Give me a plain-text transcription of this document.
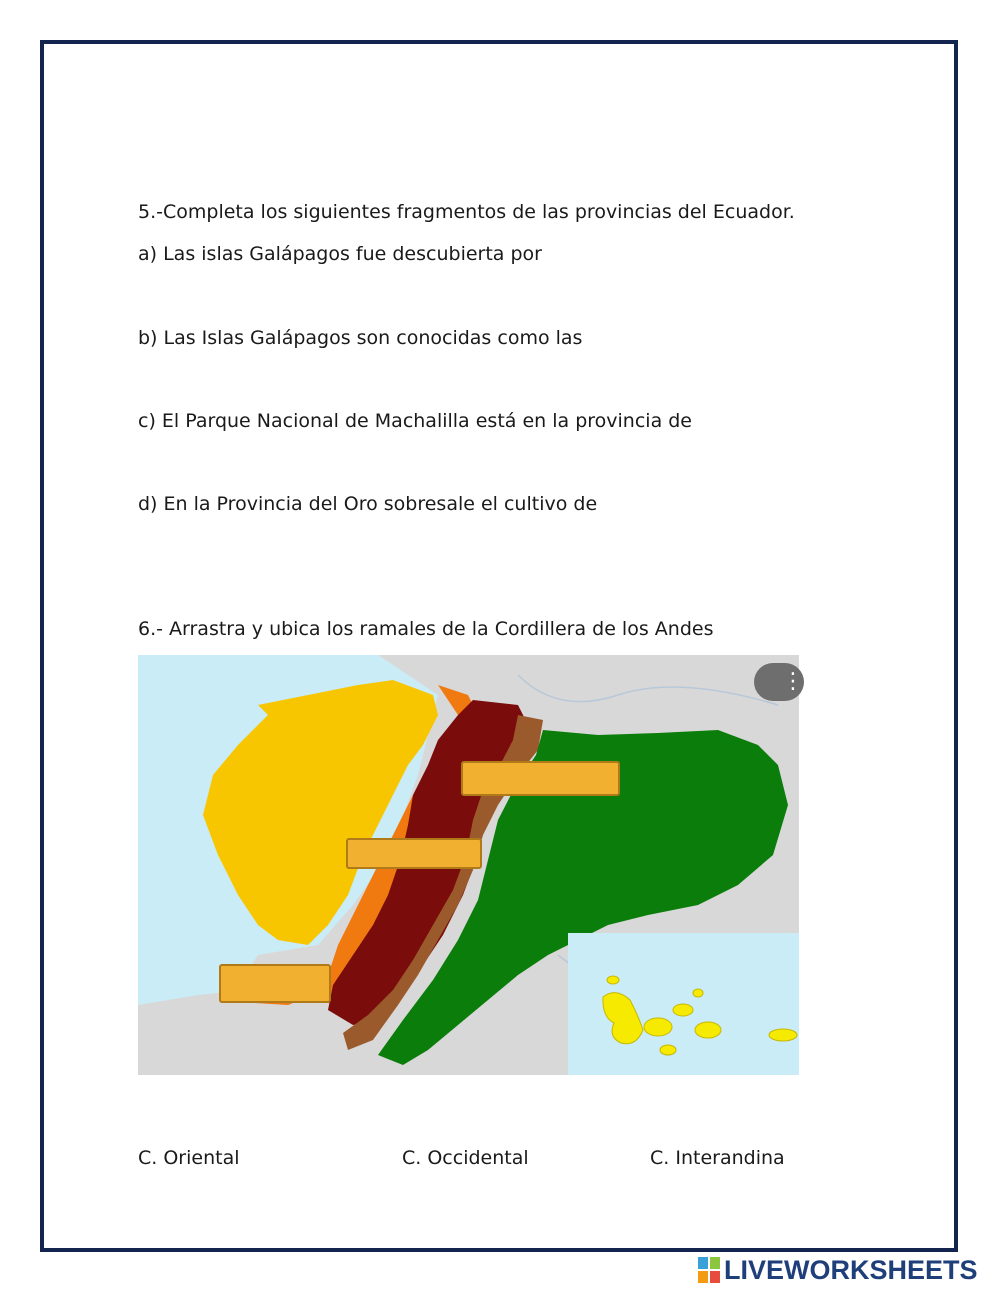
5.-Completa los siguientes fragmentos de las provincias del Ecuador.
a) Las islas Galápagos fue descubierta por
b) Las Islas Galápagos son conocidas como las
c) El Parque Nacional de Machalilla está en la provincia de
d) En la Provincia del Oro sobresale el cultivo de
6.- Arrastra y ubica los ramales de la Cordillera de los Andes
⋮
C. Oriental	C. Occidental	C. Interandina
LIVEWORKSHEETS
